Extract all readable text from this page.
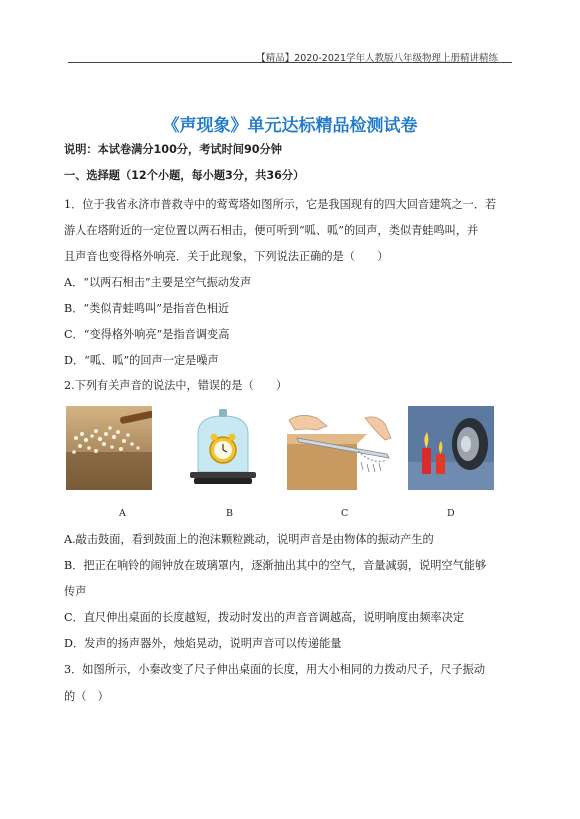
【精品】2020-2021学年人教版八年级物理上册精讲精练
《声现象》单元达标精品检测试卷
说明：本试卷满分100分，考试时间90分钟
一、选择题（12个小题，每小题3分，共36分）
1．位于我省永济市普救寺中的莺莺塔如图所示，它是我国现有的四大回音建筑之一．若
游人在塔附近的一定位置以两石相击，便可听到“呱、呱”的回声，类似青蛙鸣叫，并
且声音也变得格外响亮．关于此现象，下列说法正确的是（　　）
A．“以两石相击”主要是空气振动发声
B．“类似青蛙鸣叫”是指音色相近
C．“变得格外响亮”是指音调变高
D．“呱、呱”的回声一定是噪声
2.下列有关声音的说法中，错误的是（　　）
A	B	C	D
A.敲击鼓面，看到鼓面上的泡沫颗粒跳动，说明声音是由物体的振动产生的
B．把正在响铃的闹钟放在玻璃罩内，逐渐抽出其中的空气，音量减弱，说明空气能够
传声
C．直尺伸出桌面的长度越短，拨动时发出的声音音调越高，说明响度由频率决定
D．发声的扬声器外，烛焰晃动，说明声音可以传递能量
3．如图所示，小秦改变了尺子伸出桌面的长度，用大小相同的力拨动尺子，尺子振动
的（　）
